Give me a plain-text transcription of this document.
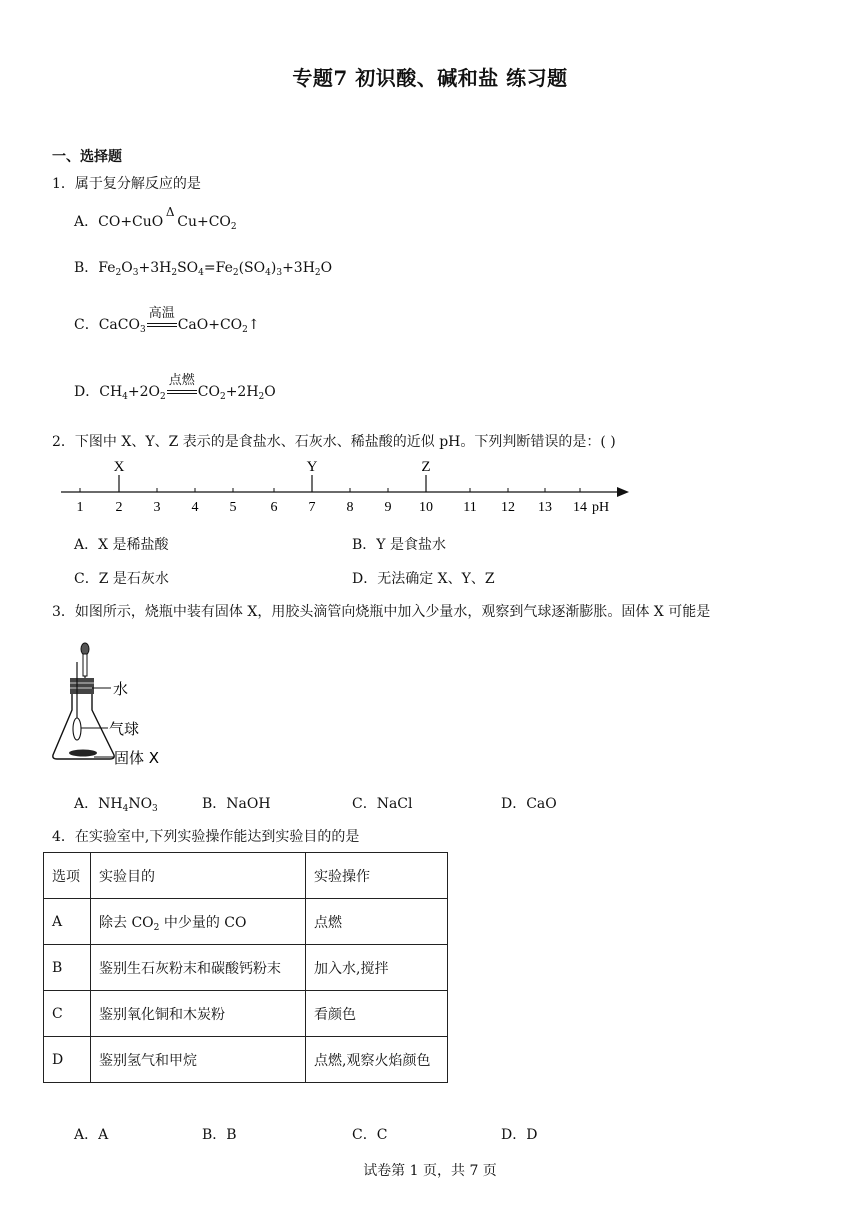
专题7 初识酸、碱和盐 练习题
一、选择题
1．属于复分解反应的是
A．CO+CuO
Δ
$Cu+CO_2$
B．$Fe_2O_3+3H_2SO_4=Fe_2(SO_4)_3+3H_2O$
C．CaCO$_3$
高温
$CaO+CO_2↑$
D．$CH_4+2O_2$
点燃
$CO_2+2H_2O$
2．下图中 X、Y、Z 表示的是食盐水、石灰水、稀盐酸的近似 pH。下列判断错误的是：( )
1 2 3 4 5 6 7 8 9 10 11 12 13 14
X	Y	Z
pH
A．X 是稀盐酸	B．Y 是食盐水
C．Z 是石灰水	D．无法确定 X、Y、Z
3．如图所示，烧瓶中装有固体 X，用胶头滴管向烧瓶中加入少量水，观察到气球逐渐膨胀。固体 X 可能是
水
气球
固体 X
A．$NH_4NO_3$	B．NaOH	C．NaCl	D．CaO
4．在实验室中,下列实验操作能达到实验目的的是
选项	实验目的	实验操作
A	除去 $CO_2$ 中少量的 CO	点燃
B	鉴别生石灰粉末和碳酸钙粉末	加入水,搅拌
C	鉴别氧化铜和木炭粉	看颜色
D	鉴别氢气和甲烷	点燃,观察火焰颜色
A．A	B．B	C．C	D．D
试卷第 1 页，共 7 页
